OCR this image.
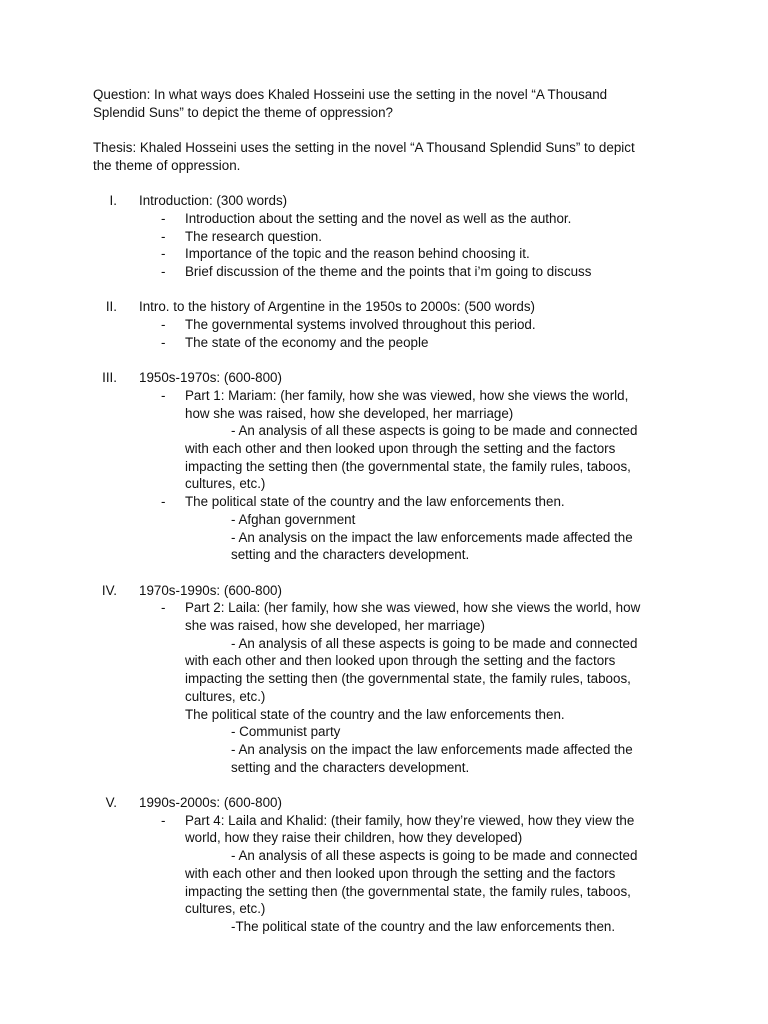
Question: In what ways does Khaled Hosseini use the setting in the novel “A Thousand
Splendid Suns” to depict the theme of oppression?

Thesis: Khaled Hosseini uses the setting in the novel “A Thousand Splendid Suns” to depict
the theme of oppression.

I. Introduction: (300 words)
- Introduction about the setting and the novel as well as the author.
- The research question.
- Importance of the topic and the reason behind choosing it.
- Brief discussion of the theme and the points that i’m going to discuss
II. Intro. to the history of Argentine in the 1950s to 2000s: (500 words)
- The governmental systems involved throughout this period.
- The state of the economy and the people
III. 1950s-1970s: (600-800)
- Part 1: Mariam: (her family, how she was viewed, how she views the world,
how she was raised, how she developed, her marriage)
- An analysis of all these aspects is going to be made and connected
with each other and then looked upon through the setting and the factors
impacting the setting then (the governmental state, the family rules, taboos,
cultures, etc.)
- The political state of the country and the law enforcements then.
- Afghan government
- An analysis on the impact the law enforcements made affected the
setting and the characters development.
IV. 1970s-1990s: (600-800)
- Part 2: Laila: (her family, how she was viewed, how she views the world, how
she was raised, how she developed, her marriage)
- An analysis of all these aspects is going to be made and connected
with each other and then looked upon through the setting and the factors
impacting the setting then (the governmental state, the family rules, taboos,
cultures, etc.)
The political state of the country and the law enforcements then.
- Communist party
- An analysis on the impact the law enforcements made affected the
setting and the characters development.
V. 1990s-2000s: (600-800)
- Part 4: Laila and Khalid: (their family, how they’re viewed, how they view the
world, how they raise their children, how they developed)
- An analysis of all these aspects is going to be made and connected
with each other and then looked upon through the setting and the factors
impacting the setting then (the governmental state, the family rules, taboos,
cultures, etc.)
-The political state of the country and the law enforcements then.
